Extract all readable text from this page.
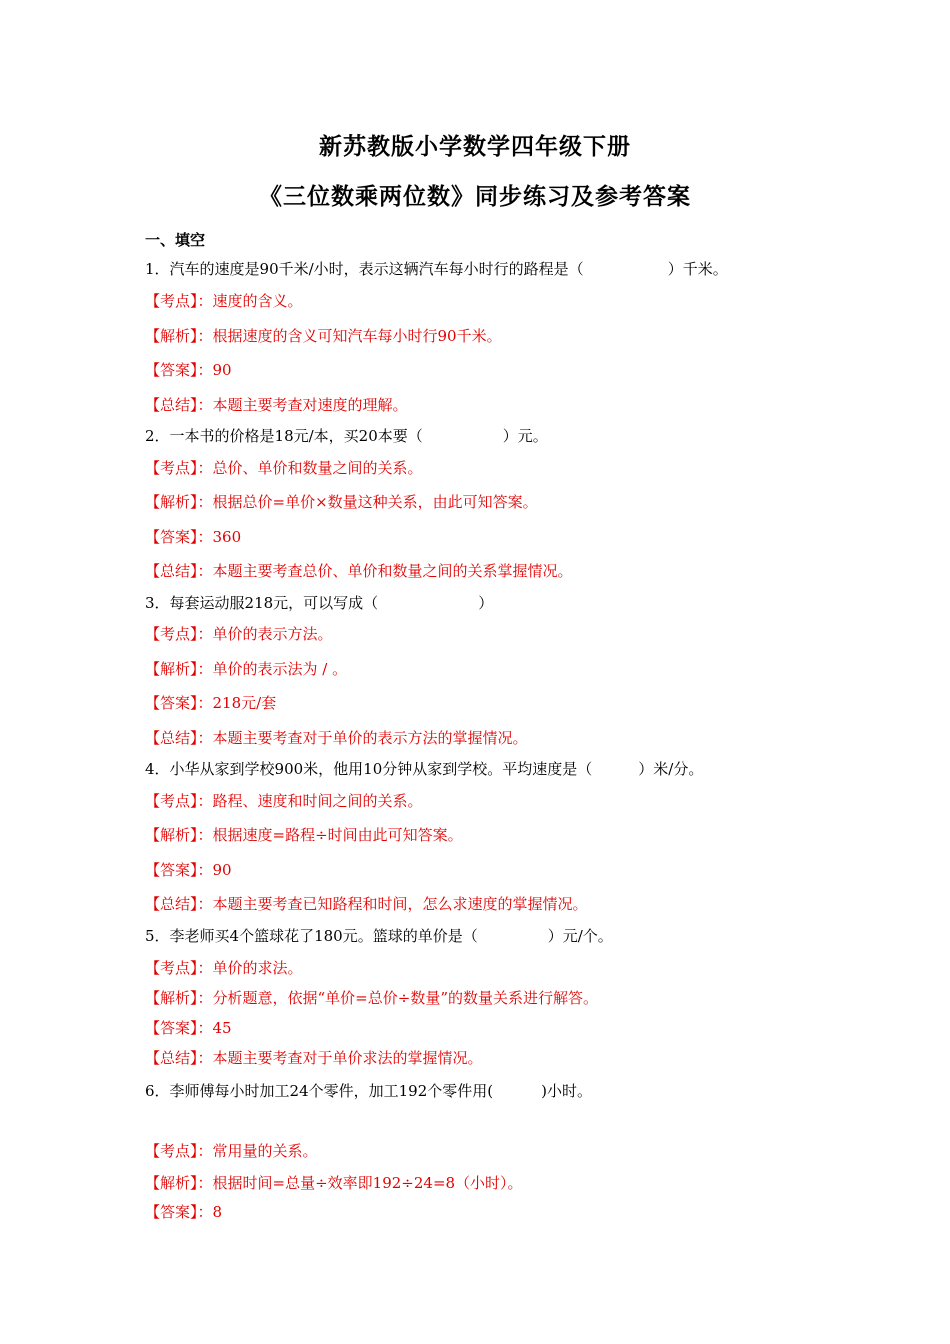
新苏教版小学数学四年级下册
《三位数乘两位数》同步练习及参考答案
一、填空
1．汽车的速度是90千米/小时，表示这辆汽车每小时行的路程是（	）千米。
【考点】：速度的含义。
【解析】：根据速度的含义可知汽车每小时行90千米。
【答案】：90
【总结】：本题主要考查对速度的理解。
2．一本书的价格是18元/本，买20本要（	）元。
【考点】：总价、单价和数量之间的关系。
【解析】：根据总价=单价×数量这种关系，由此可知答案。
【答案】：360
【总结】：本题主要考查总价、单价和数量之间的关系掌握情况。
3．每套运动服218元，可以写成（	）
【考点】：单价的表示方法。
【解析】：单价的表示法为 / 。
【答案】：218元/套
【总结】：本题主要考查对于单价的表示方法的掌握情况。
4．小华从家到学校900米，他用10分钟从家到学校。平均速度是（	）米/分。
【考点】：路程、速度和时间之间的关系。
【解析】：根据速度=路程÷时间由此可知答案。
【答案】：90
【总结】：本题主要考查已知路程和时间，怎么求速度的掌握情况。
5．李老师买4个篮球花了180元。篮球的单价是（	）元/个。
【考点】：单价的求法。
【解析】：分析题意，依据“单价=总价÷数量”的数量关系进行解答。
【答案】：45
【总结】：本题主要考查对于单价求法的掌握情况。
6．李师傅每小时加工24个零件，加工192个零件用(	)小时。
【考点】：常用量的关系。
【解析】：根据时间=总量÷效率即192÷24=8（小时）。
【答案】：8
